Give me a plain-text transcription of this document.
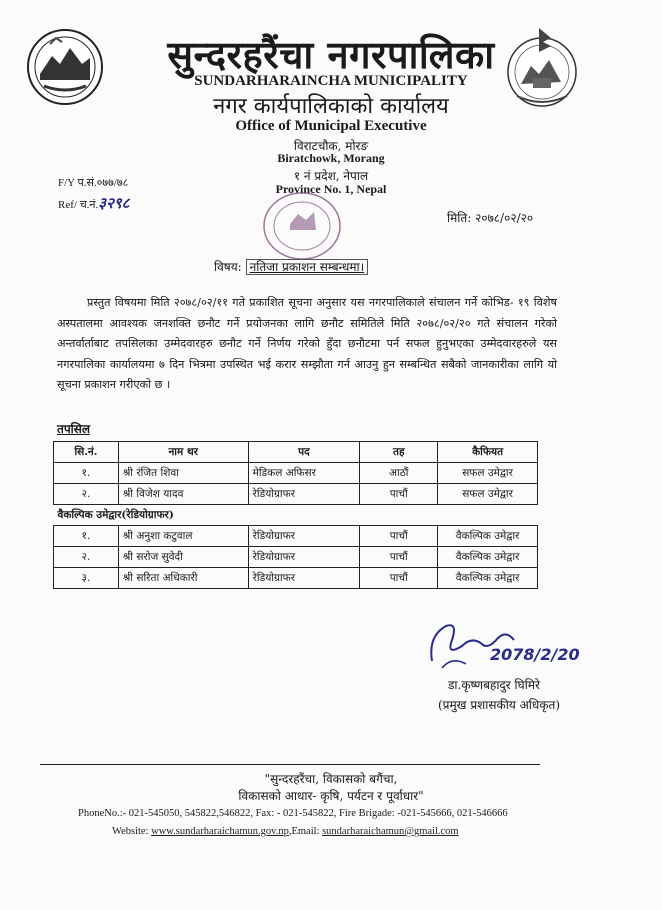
सुन्दरहरैंचा नगरपालिका
SUNDARHARAINCHA MUNICIPALITY
नगर कार्यपालिकाको कार्यालय
Office of Municipal Executive
विराटचौक, मोरङ
Biratchowk, Morang
१ नं प्रदेश, नेपाल
Province No. 1, Nepal
F/Y प.सं.०७७/७८
Ref/ च.नं.३२९८
मिति: २०७८/०२/२०
विषय: नतिजा प्रकाशन सम्बन्धमा।
प्रस्तुत विषयमा मिति २०७८/०२/११ गते प्रकाशित सूचना अनुसार यस नगरपालिकाले संचालन गर्ने कोभिड- १९ विशेष अस्पतालमा आवश्यक जनशक्ति छनौट गर्ने प्रयोजनका लागि छनौट समितिले मिति २०७८/०२/२० गते संचालन गरेको अन्तर्वार्ताबाट तपसिलका उम्मेदवारहरु छनौट गर्ने निर्णय गरेको हुँदा छनौटमा पर्न सफल हुनुभएका उम्मेदवारहरुले यस नगरपालिका कार्यालयमा ७ दिन भित्रमा उपस्थित भई करार सम्झौता गर्न आउनु हुन सम्बन्धित सबैको जानकारीका लागि यो सूचना प्रकाशन गरीएको छ ।
तपसिल
सि.नं.	नाम थर	पद	तह	कैफियत
१.	श्री रंजित शिवा	मेडिकल अफिसर	आठौं	सफल उमेद्वार
२.	श्री विजेश यादव	रेडियोग्राफर	पाचौं	सफल उमेद्वार
वैकल्पिक उमेद्वार(रेडियोग्राफर)				
१.	श्री अनुशा कटुवाल	रेडियोग्राफर	पाचौं	वैकल्पिक उमेद्वार
२.	श्री सरोज सुवेदी	रेडियोग्राफर	पाचौं	वैकल्पिक उमेद्वार
३.	श्री सरिता अधिकारी	रेडियोग्राफर	पाचौं	वैकल्पिक उमेद्वार
2078/2/20
डा.कृष्णबहादुर घिमिरे
(प्रमुख प्रशासकीय अधिकृत)
"सुन्दरहरैंचा, विकासको बगैंचा,
विकासको आधार- कृषि, पर्यटन र पूर्वाधार"
PhoneNo.:- 021-545050, 545822,546822, Fax: - 021-545822, Fire Brigade: -021-545666, 021-546666
Website: www.sundarharaichamun.gov.np,Email: sundarharaichamun@gmail.com
